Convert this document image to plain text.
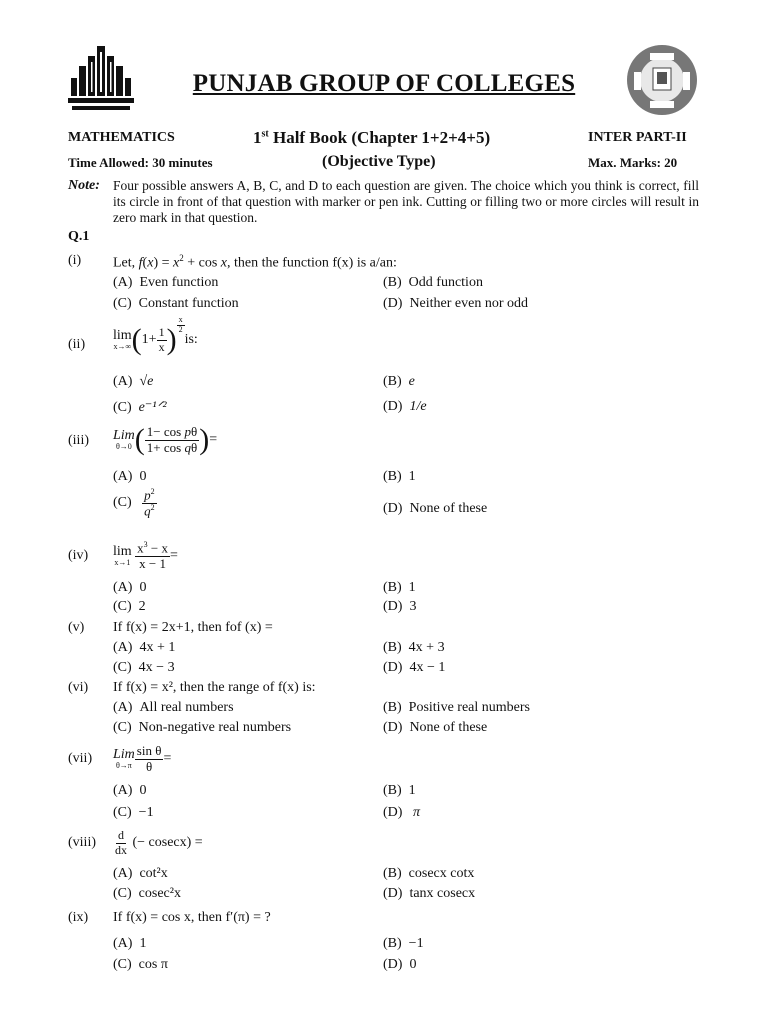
PUNJAB GROUP OF COLLEGES
MATHEMATICS	1st Half Book (Chapter 1+2+4+5)	INTER PART-II
Time Allowed: 30 minutes	(Objective Type)	Max. Marks: 20
Note: Four possible answers A, B, C, and D to each question are given. The choice which you think is correct, fill its circle in front of that question with marker or pen ink. Cutting or filling two or more circles will result in zero mark in that question.
Q.1
(i) Let, $f(x) = x^2 + \cos x$, then the function f(x) is a/an:
(A) Even function	(B) Odd function
(C) Constant function	(D) Neither even nor odd
(ii)
lim
x→∞ ( $1+ \frac{1}{x}$ ) $\frac{x}{2}$
is:
(A) √e	(B) e
(C) e⁻¹ᐟ²	(D) 1/e
(iii) Lim
θ→0 ( $\frac{\text{1− cos pθ}}{\text{1+ cos qθ}}$ ) =
(A) 0	(B) 1
(C)
$\frac{p^2}{q^2}$	(D) None of these
(iv) lim
x→1
$\frac{x^3 - x}{x - 1}$ =
(A) 0	(B) 1
(C) 2	(D) 3
(v) If f(x) = 2x+1, then fof (x) =
(A) 4x + 1	(B) 4x + 3
(C) 4x − 3	(D) 4x − 1
(vi) If f(x) = x², then the range of f(x) is:
(A) All real numbers	(B) Positive real numbers
(C) Non-negative real numbers	(D) None of these
(vii) Lim
$\theta\to\pi \frac{\text{sin θ}}{\theta}$ =
(A) 0	(B) 1
(C) −1	(D) π
(viii) $\frac{d}{dx}$
(− cosecx) =
(A) cot²x	(B) cosecx cotx
(C) cosec²x	(D) tanx cosecx
(ix) If f(x) = cos x, then f′(π) = ?
(A) 1	(B) −1
(C) cos π	(D) 0
